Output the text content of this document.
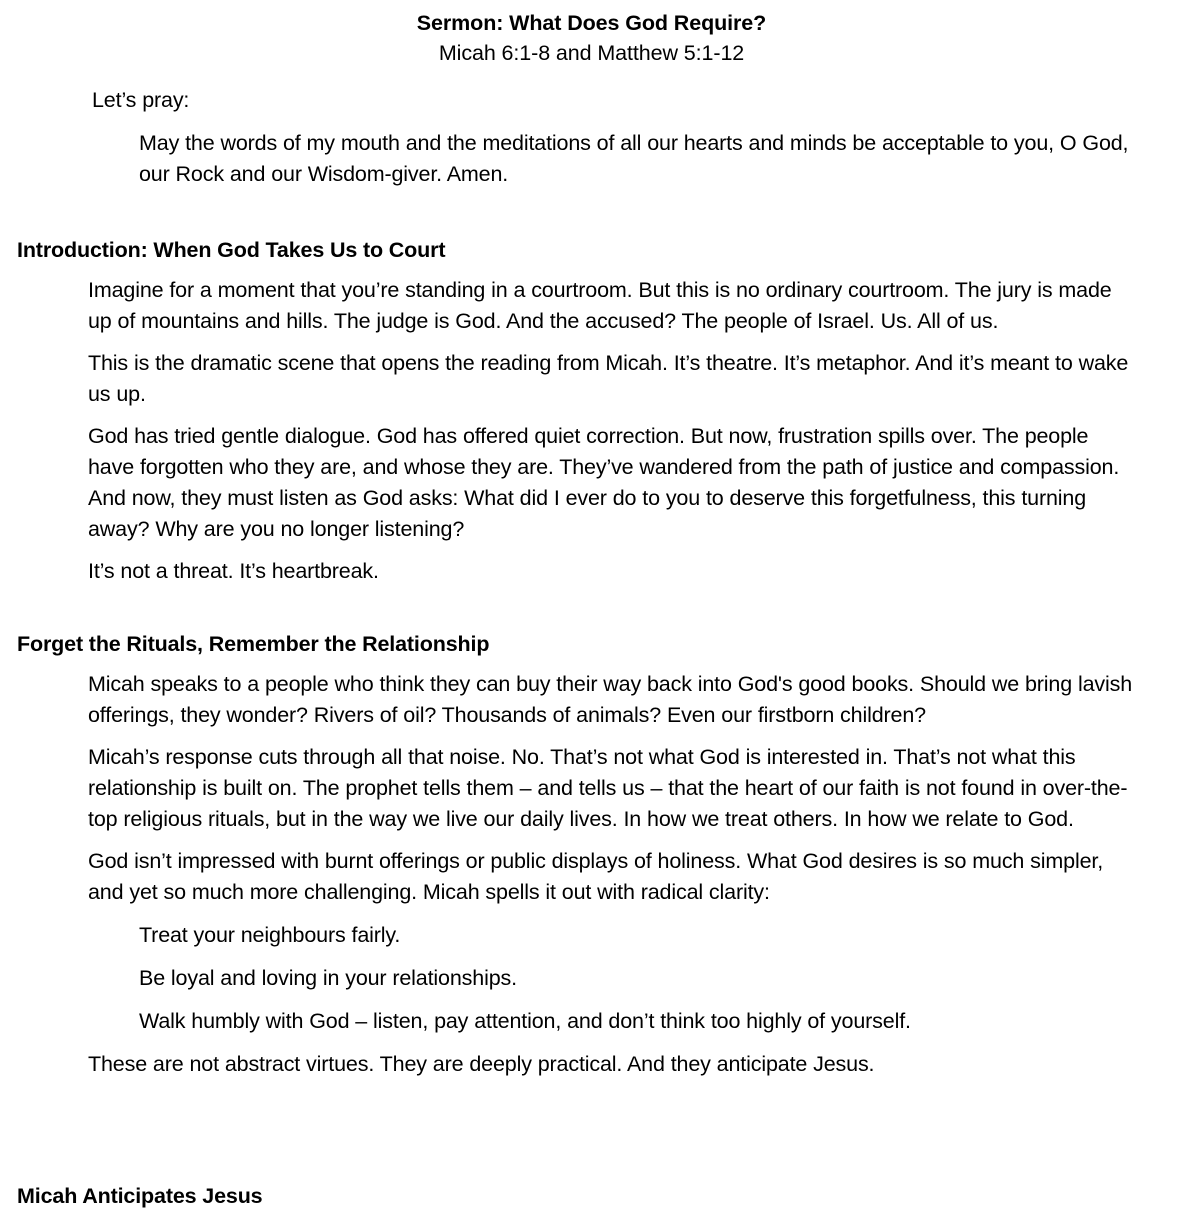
Sermon: What Does God Require?

Micah 6:1-8 and Matthew 5:1-12

Let’s pray:

May the words of my mouth and the meditations of all our hearts and minds be acceptable to you, O God, our Rock and our Wisdom-giver. Amen.

Introduction: When God Takes Us to Court

Imagine for a moment that you’re standing in a courtroom. But this is no ordinary courtroom. The jury is made up of mountains and hills. The judge is God. And the accused? The people of Israel. Us. All of us.

This is the dramatic scene that opens the reading from Micah. It’s theatre. It’s metaphor. And it’s meant to wake us up.

God has tried gentle dialogue. God has offered quiet correction. But now, frustration spills over. The people have forgotten who they are, and whose they are. They’ve wandered from the path of justice and compassion. And now, they must listen as God asks: What did I ever do to you to deserve this forgetfulness, this turning away? Why are you no longer listening?

It’s not a threat. It’s heartbreak.

Forget the Rituals, Remember the Relationship

Micah speaks to a people who think they can buy their way back into God's good books. Should we bring lavish offerings, they wonder? Rivers of oil? Thousands of animals? Even our firstborn children?

Micah’s response cuts through all that noise. No. That’s not what God is interested in. That’s not what this relationship is built on. The prophet tells them – and tells us – that the heart of our faith is not found in over-the-top religious rituals, but in the way we live our daily lives. In how we treat others. In how we relate to God.

God isn’t impressed with burnt offerings or public displays of holiness. What God desires is so much simpler, and yet so much more challenging. Micah spells it out with radical clarity:

Treat your neighbours fairly.

Be loyal and loving in your relationships.

Walk humbly with God – listen, pay attention, and don’t think too highly of yourself.

These are not abstract virtues. They are deeply practical. And they anticipate Jesus.

Micah Anticipates Jesus
